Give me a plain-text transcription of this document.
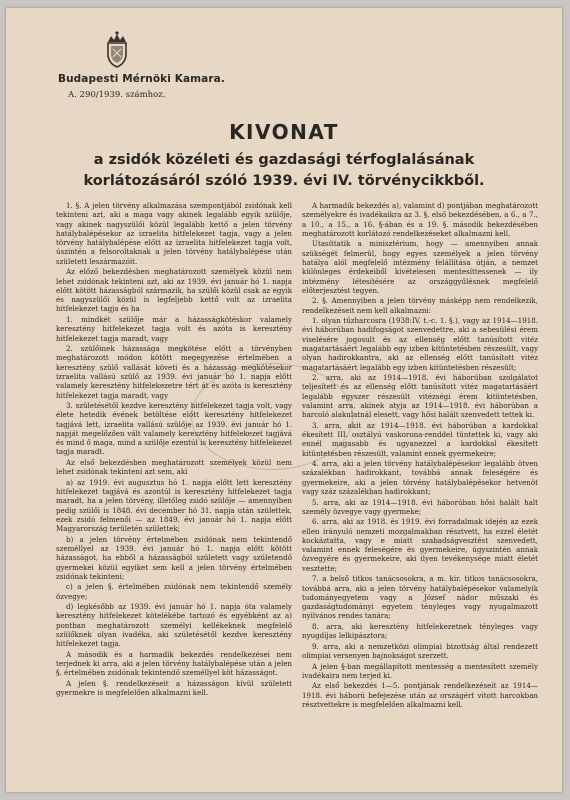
Budapesti Mérnöki Kamara.
A. 290/1939. számhoz.
KIVONAT
a zsidók közéleti és gazdasági térfoglalásának
korlátozásáról szóló 1939. évi IV. törvénycikkből.

1. §. A jelen törvény alkalmazása szempontjából zsidónak kell tekinteni azt, aki a maga vagy akinek legalább egyik szülője, vagy akinek nagyszülői közül legalább kettő a jelen törvény hatálybalépésekor az izraelita hitfelekezet tagja, vagy a jelen törvény hatálybalépése előtt az izraelita hitfelekezet tagja volt, úszintén a felsoroltaknak a jelen törvény hatálybalépése után született leszármazóit.

Az előző bekezdésben meghatározott személyek közül nem lehet zsidónak tekinteni azt, aki az 1939. évi január hó 1. napja előtt kötött házasságból származik, ha szülői közül csak az egyik és nagyszülői közül is legfeljebb kettő volt az izraelita hitfelekezet tagja és ha

1. mindkét szülője már a házasságkötéskor valamely keresztény hitfelekezet tagja volt és azóta is keresztény hitfelekezet tagja maradt, vagy

2. szülőinek házassága megkötése előtt a törvényben meghatározott módon kötött megegyezése értelmében a keresztény szülő vallását követi és a házasság megkötésekor izraelita vallású szülő az 1939. évi január hó 1. napja előtt valamely keresztény hitfelekezetre tért át és azóta is keresztény hitfelekezet tagja maradt, vagy

3. születésétől kezdve keresztény hitfelekezet tagja volt, vagy élete hetedik évének betöltése előtt keresztény hitfelekezet tagjává lett, izraelita vallású szülője az 1939. évi január hó 1. napját megelőzően vált valamely keresztény hitfelekezet tagjává és mind ő maga, mind a szülője ezentúl is keresztény hitfelekezet tagja maradt.

Az első bekezdésben meghatározott személyek közül nem lehet zsidónak tekinteni azt sem, aki

a) az 1919. évi augusztus hó 1. napja előtt lett keresztény hitfelekezet tagjává és azontúl is keresztény hitfelekezet tagja maradt, ha a jelen törvény, illetőleg zsidó szülője — amennyiben pedig szülői is 1848. évi december hó 31. napja után születtek, ezek zsidó felmenői — az 1849. évi január hó 1. napja előtt Magyarország területén születtek;

b) a jelen törvény értelmében zsidónak nem tekintendő személlyel az 1939. évi január hó 1. napja előtt kötött házasságot, ha ebből a házasságból született vagy születendő gyermekei közül egyiket sem kell a jelen törvény értelmében zsidónak tekinteni;

c) a jelen §. értelmében zsidónak nem tekintendő személy özvegye;

d) legkésőbb az 1939. évi január hó 1. napja óta valamely keresztény hitfelekezet kötelékébe tartozó és egyébként az a) pontban meghatározott személyi kellékeknek megfelelő szülőknek olyan ivadéka, aki születésétől kezdve keresztény hitfelekezet tagja.

A második és a harmadik bekezdés rendelkezései nem terjednek ki arra, aki a jelen törvény hatálybalépése után a jelen §. értelmében zsidónak tekintendő személlyel köt házasságot.

A jelen §. rendelkezéseit a házasságon kívül született gyermekre is megfelelően alkalmazni kell.

A harmadik bekezdés a), valamint d) pontjában meghatározott személyekre és ivadékaikra az 3. §. első bekezdésében, a 6., a 7., a 10., a 15., a 16. §-ában és a 19. §. második bekezdésében meghatározott korlátozó rendelkezéseket alkalmazni kell.

Utasíttatik a minisztérium, hogy — amennyiben annak szükségét felmerül, hogy egyes személyek a jelen törvény hatálya alól megfelelő intézmény felállítása útján, a nemzet különleges érdekeiből kivételesen mentesíttessenek — ily intézmény létesítésére az országgyűlésnek megfelelő előterjesztést tegyen.

2. §. Amennyiben a jelen törvény másképp nem rendelkezik, rendelkezéseit nem kell alkalmazni:

1. olyan tűzharcosra (1938:IV. t.-c. 1. §.), vagy az 1914—1918. évi háborúban hadifogságot szenvedettre, aki a sebesülési érem viselésére jogosult és az ellenség előtt tanúsított vitéz magatartásáért legalább egy izben kitüntetésben részesült, vagy olyan hadirokkantra, aki az ellenség előtt tanúsított vitéz magatartásáért legalább egy izben kitüntetésben részesült;

2. arra, aki az 1914—1918. évi háborúban szolgálatot teljesített és az ellenség előtt tanúsított vitéz magatartásáért legalább egyszer részesült vitézségi érem kitüntetésben, valamint arra, akinek atyja az 1914—1918. évi háborúban a harcoló alakulatnál elesett, vagy hősi halált szenvedett tettek ki.

3. arra, akit az 1914—1918. évi háborúban a kardokkal ékesített III. osztályú vaskorona-renddel tüntettek ki, vagy aki ennél magasabb és ugyanezzel a kardokkal ékesített kitüntetésben részesült, valamint ennek gyermekeire;

4. arra, aki a jelen törvény hatálybalépésekor legalább ötven százalékban hadirokkant, továbbá annak feleségére és gyermekeire, aki a jelen törvény hatálybalépésekor hetvenöt vagy száz százalékban hadirokkant;

5. arra, aki az 1914—1918. évi háborúban hősi halált halt személy özvegye vagy gyermeke;

6. arra, aki az 1918. és 1919. évi forradalmak idején az ezek ellen irányuló nemzeti mozgalmakban résztvett, ha ezzel életét kockáztatta, vagy e miatt szabadságvesztést szenvedett, valamint ennek feleségére és gyermekeire, úgyszintén annak özvegyére és gyermekeire, aki ilyen tevékenysége miatt életét vesztette;

7. a belső titkos tanácsosokra, a m. kir. titkos tanácsosokra, továbbá arra, aki a jelen törvény hatálybalépésekor valamelyik tudományegyetem vagy a József nádor műszaki és gazdaságtudományi egyetem tényleges vagy nyugalmazott nyilvános rendes tanára;

8. arra, aki keresztény hitfelekezetnek tényleges vagy nyugdíjas lelkipásztora;

9. arra, aki a nemzetközi olimpiai bizottság által rendezett olimpiai versenyen bajnokságot szerzett.

A jelen §-ban megállapított mentesség a mentesített személy ivadékaira nem terjed ki.

Az első bekezdés 1—5. pontjának rendelkezéseit az 1914—1918. évi háború befejezése után az országért vitott harcokban résztvettekre is megfelelően alkalmazni kell.
